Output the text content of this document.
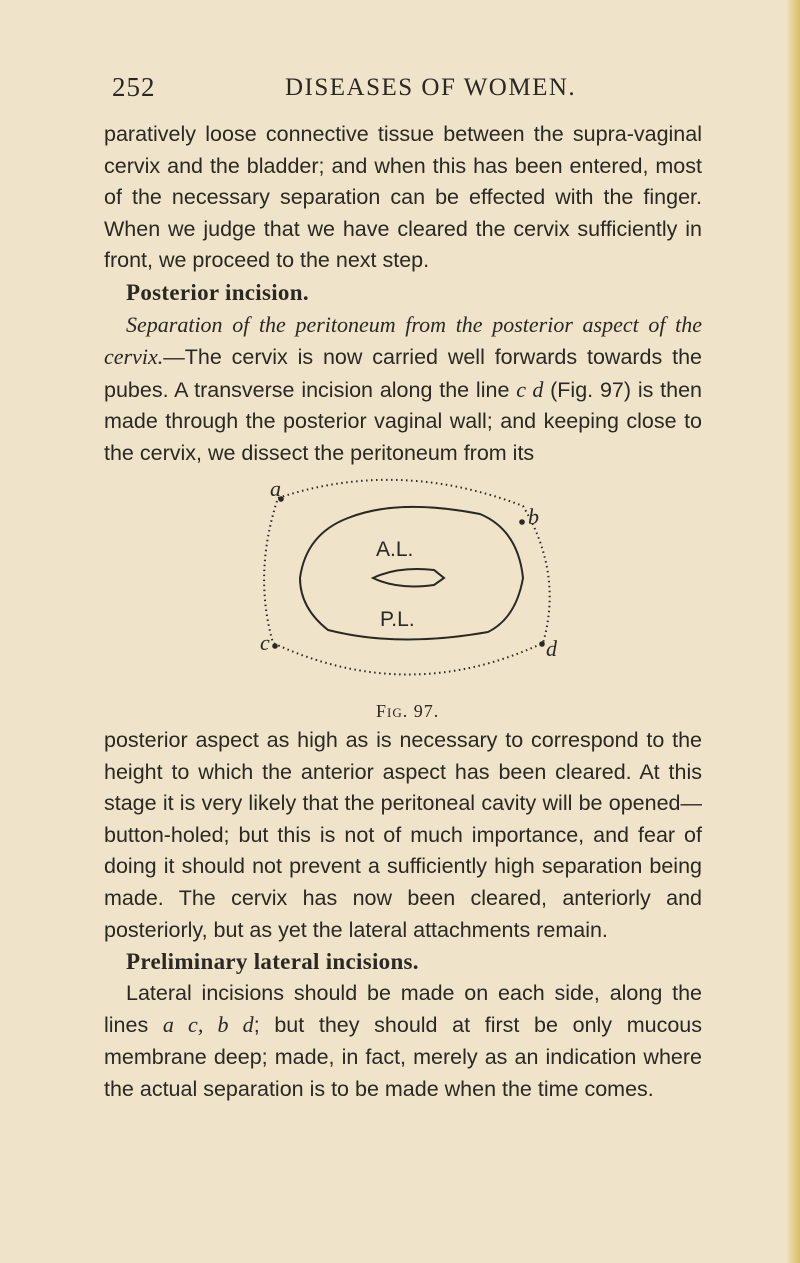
252	DISEASES OF WOMEN.

paratively loose connective tissue between the supra-vaginal cervix and the bladder; and when this has been entered, most of the necessary separation can be effected with the finger. When we judge that we have cleared the cervix sufficiently in front, we proceed to the next step.

Posterior incision.

Separation of the peritoneum from the posterior aspect of the cervix.—The cervix is now carried well forwards towards the pubes. A transverse incision along the line c d (Fig. 97) is then made through the posterior vaginal wall; and keeping close to the cervix, we dissect the peritoneum from its

A.L.
P.L.
a
b
c	d
Fig. 97.

posterior aspect as high as is necessary to correspond to the height to which the anterior aspect has been cleared. At this stage it is very likely that the peritoneal cavity will be opened—button-holed; but this is not of much importance, and fear of doing it should not prevent a sufficiently high separation being made. The cervix has now been cleared, anteriorly and posteriorly, but as yet the lateral attachments remain.

Preliminary lateral incisions.

Lateral incisions should be made on each side, along the lines a c, b d; but they should at first be only mucous membrane deep; made, in fact, merely as an indication where the actual separation is to be made when the time comes.
